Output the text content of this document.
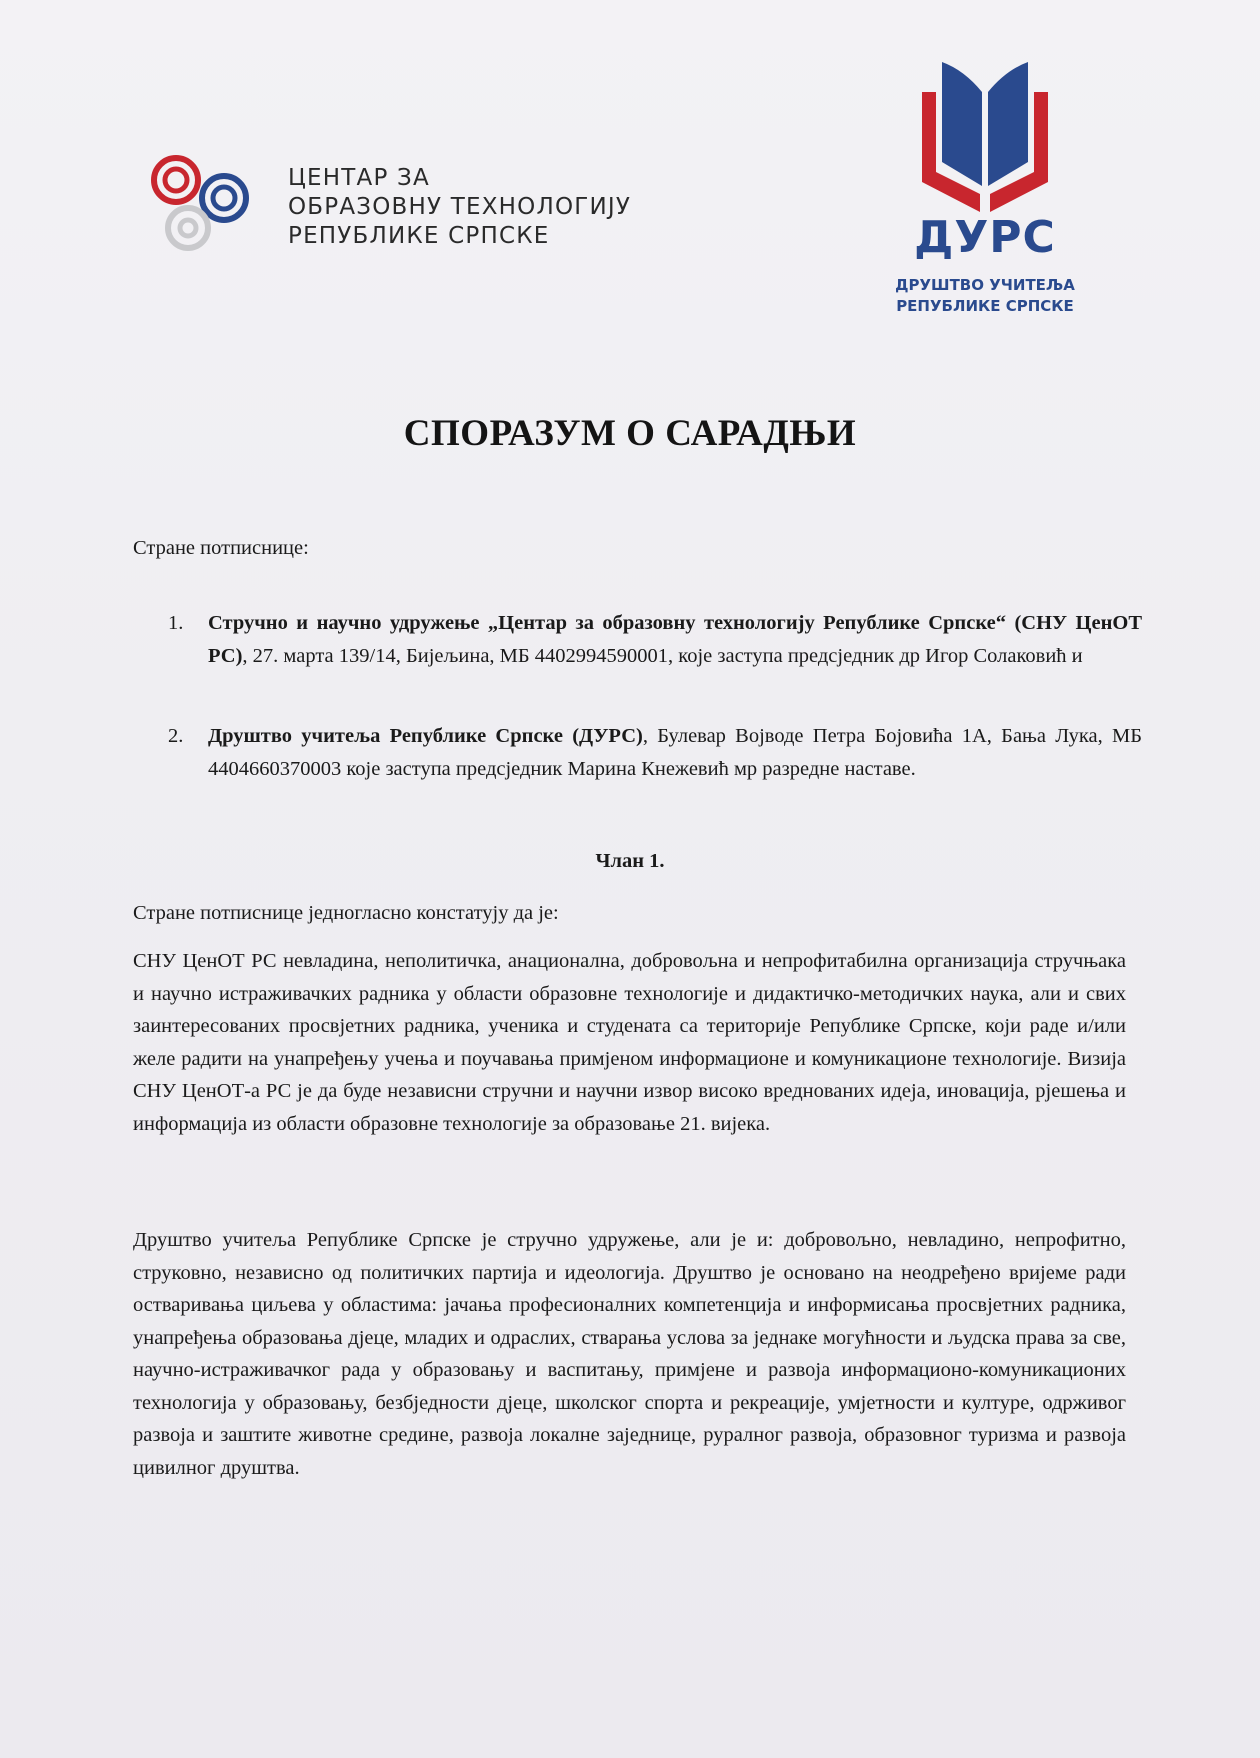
ЦЕНТАР ЗА
ОБРАЗОВНУ ТЕХНОЛОГИЈУ
РЕПУБЛИКЕ СРПСКЕ	ДУРС
ДРУШТВО УЧИТЕЉА
РЕПУБЛИКЕ СРПСКЕ
СПОРАЗУМ О САРАДЊИ
Стране потписнице:
1. Стручно и научно удружење „Центар за образовну технологију Републике Српске“ (СНУ ЦенОТ РС), 27. марта 139/14, Бијељина, МБ 4402994590001, које заступа предсједник др Игор Солаковић и
2. Друштво учитеља Републике Српске (ДУРС), Булевар Војводе Петра Бојовића 1А, Бања Лука, МБ 4404660370003 које заступа предсједник Марина Кнежевић мр разредне наставе.
Члан 1.
Стране потписнице једногласно констатују да је:
СНУ ЦенОТ РС невладина, неполитичка, анационална, добровољна и непрофитабилна организација стручњака и научно истраживачких радника у области образовне технологије и дидактичко-методичких наука, али и свих заинтересованих просвјетних радника, ученика и студената са територије Републике Српске, који раде и/или желе радити на унапређењу учења и поучавања примјеном информационе и комуникационе технологије. Визија СНУ ЦенОТ-а РС је да буде независни стручни и научни извор високо вреднованих идеја, иновација, рјешења и информација из области образовне технологије за образовање 21. вијека.
Друштво учитеља Републике Српске је стручно удружење, али је и: добровољно, невладино, непрофитно, струковно, независно од политичких партија и идеологија. Друштво је основано на неодређено вријеме ради остваривања циљева у областима: јачања професионалних компетенција и информисања просвјетних радника, унапређења образовања дјеце, младих и одраслих, стварања услова за једнаке могућности и људска права за све, научно-истраживачког рада у образовању и васпитању, примјене и развоја информационо-комуникационих технологија у образовању, безбједности дјеце, школског спорта и рекреације, умјетности и културе, одрживог развоја и заштите животне средине, развоја локалне заједнице, руралног развоја, образовног туризма и развоја цивилног друштва.
